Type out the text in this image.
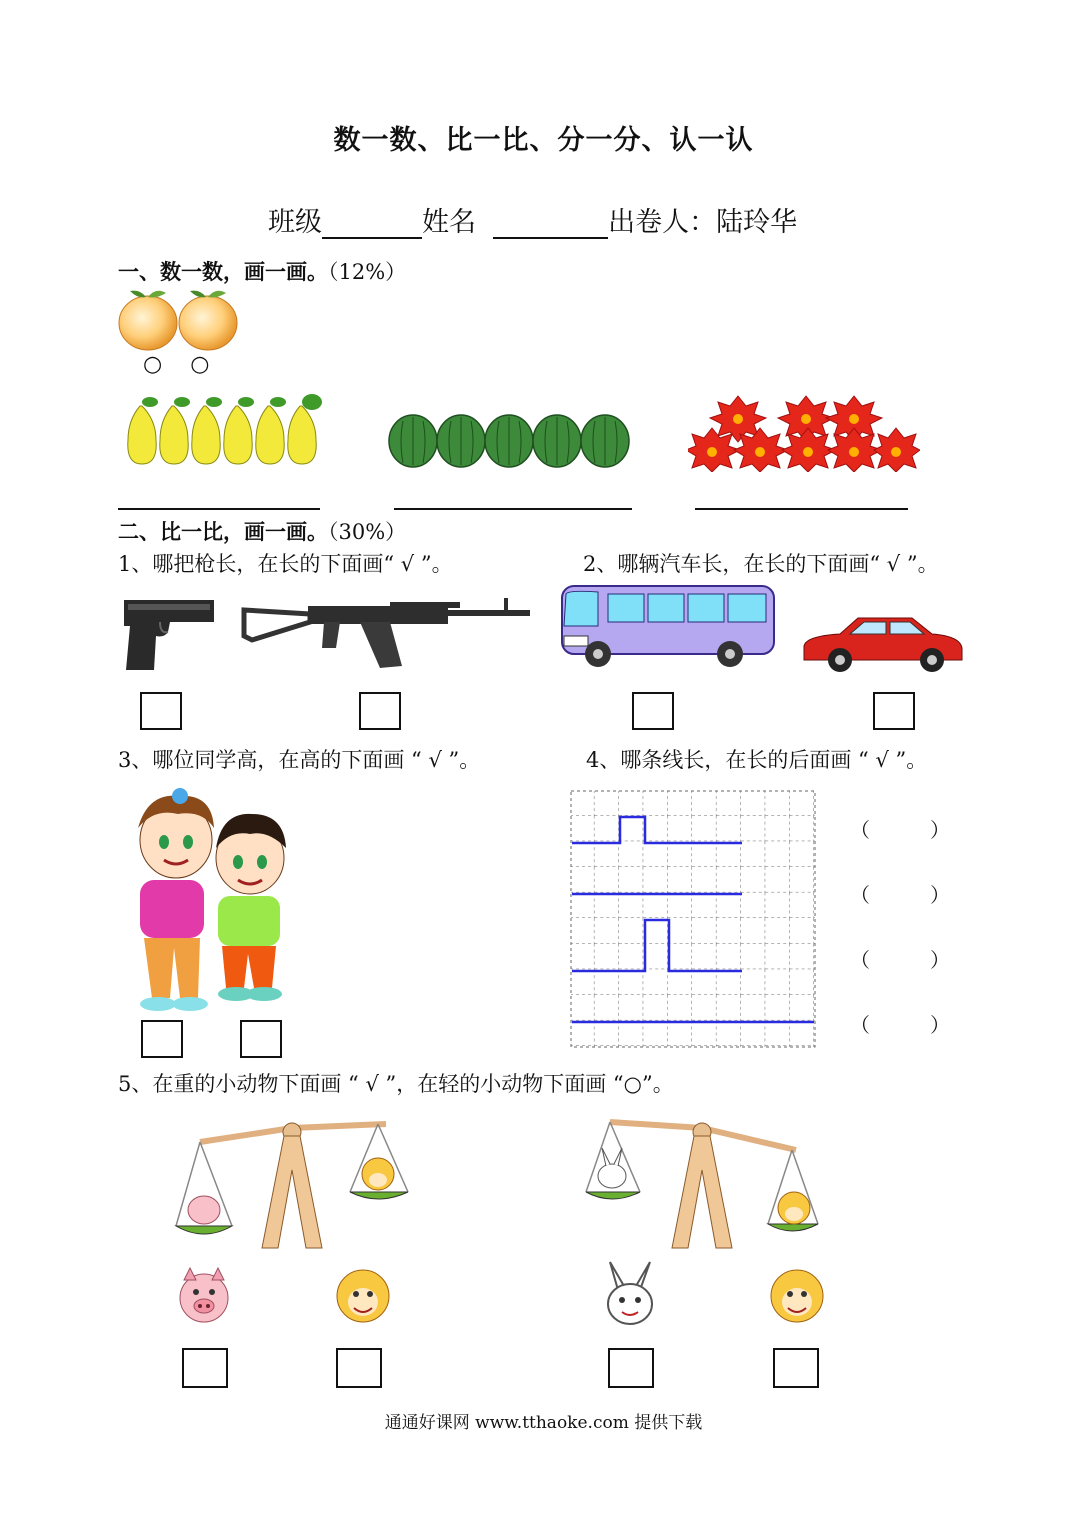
数一数、比一比、分一分、认一认
班级	姓名	出卷人：陆玲华
一、数一数，画一画。（12%）
○○
二、比一比，画一画。（30%）
1、哪把枪长，在长的下面画“ √ ”。	2、哪辆汽车长，在长的下面画“ √ ”。
3、哪位同学高，在高的下面画 “ √ ”。	4、哪条线长，在长的后面画 “ √ ”。
（　　　）
（　　　）
（　　　）
（　　　）
5、在重的小动物下面画 “ √ ”，在轻的小动物下面画 “○”。
通通好课网 www.tthaoke.com 提供下载
